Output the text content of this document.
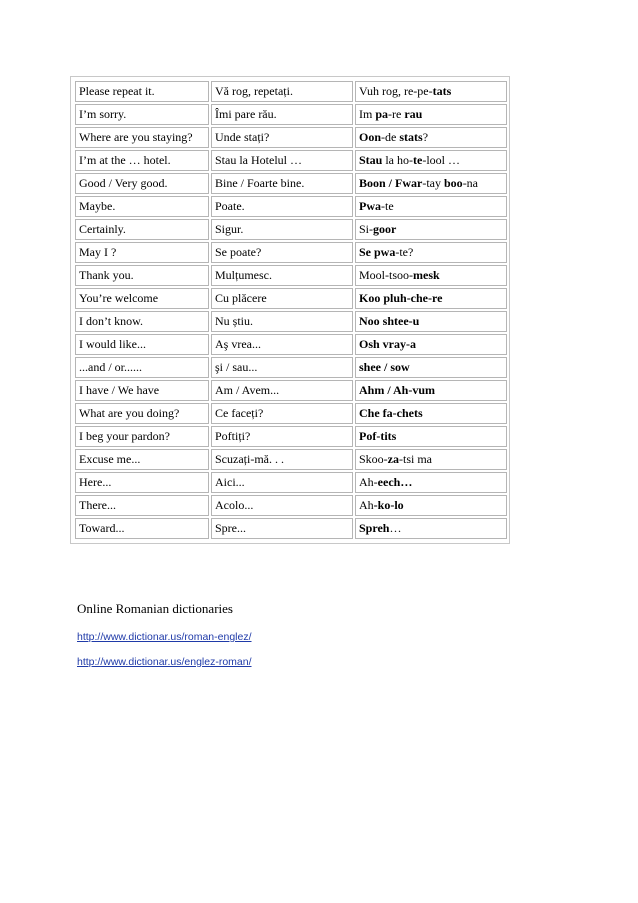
Please repeat it.	Vă rog, repetați.	Vuh rog, re-pe-tats
I’m sorry.	Îmi pare rău.	Im pa-re rau
Where are you staying?	Unde stați?	Oon-de stats?
I’m at the … hotel.	Stau la Hotelul …	Stau la ho-te-lool …
Good / Very good.	Bine / Foarte bine.	Boon / Fwar-tay boo-na
Maybe.	Poate.	Pwa-te
Certainly.	Sigur.	Si-goor
May I ?	Se poate?	Se pwa-te?
Thank you.	Mulțumesc.	Mool-tsoo-mesk
You’re welcome	Cu plăcere	Koo pluh-che-re
I don’t know.	Nu știu.	Noo shtee-u
I would like...	Aş vrea...	Osh vray-a
...and / or......	şi / sau...	shee / sow
I have / We have	Am / Avem...	Ahm / Ah-vum
What are you doing?	Ce faceți?	Che fa-chets
I beg your pardon?	Poftiți?	Pof-tits
Excuse me...	Scuzați-mă. . .	Skoo-za-tsi ma
Here...	Aici...	Ah-eech…
There...	Acolo...	Ah-ko-lo
Toward...	Spre...	Spreh…

Online Romanian dictionaries

http://www.dictionar.us/roman-englez/
http://www.dictionar.us/englez-roman/
